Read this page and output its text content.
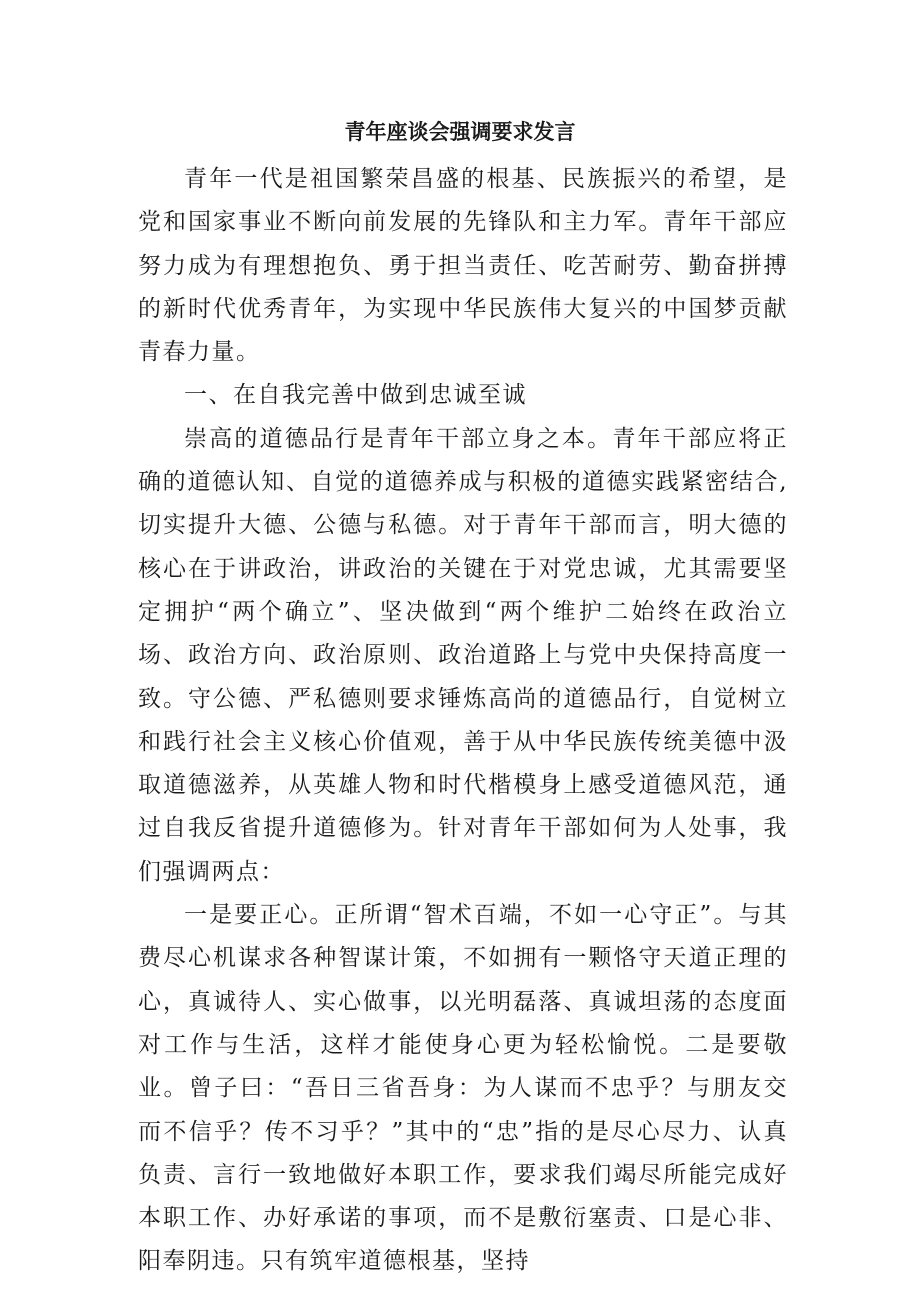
青年座谈会强调要求发言

青年一代是祖国繁荣昌盛的根基、民族振兴的希望，是党和国家事业不断向前发展的先锋队和主力军。青年干部应努力成为有理想抱负、勇于担当责任、吃苦耐劳、勤奋拼搏的新时代优秀青年，为实现中华民族伟大复兴的中国梦贡献青春力量。

一、在自我完善中做到忠诚至诚

崇高的道德品行是青年干部立身之本。青年干部应将正确的道德认知、自觉的道德养成与积极的道德实践紧密结合,切实提升大德、公德与私德。对于青年干部而言，明大德的核心在于讲政治，讲政治的关键在于对党忠诚，尤其需要坚定拥护“两个确立”、坚决做到“两个维护二始终在政治立场、政治方向、政治原则、政治道路上与党中央保持高度一致。守公德、严私德则要求锤炼高尚的道德品行，自觉树立和践行社会主义核心价值观，善于从中华民族传统美德中汲取道德滋养，从英雄人物和时代楷模身上感受道德风范，通过自我反省提升道德修为。针对青年干部如何为人处事，我们强调两点：

一是要正心。正所谓“智术百端，不如一心守正”。与其费尽心机谋求各种智谋计策，不如拥有一颗恪守天道正理的心，真诚待人、实心做事，以光明磊落、真诚坦荡的态度面对工作与生活，这样才能使身心更为轻松愉悦。二是要敬业。曾子曰：“吾日三省吾身：为人谋而不忠乎？与朋友交而不信乎？传不习乎？”其中的“忠”指的是尽心尽力、认真负责、言行一致地做好本职工作，要求我们竭尽所能完成好本职工作、办好承诺的事项，而不是敷衍塞责、口是心非、阳奉阴违。只有筑牢道德根基，坚持
